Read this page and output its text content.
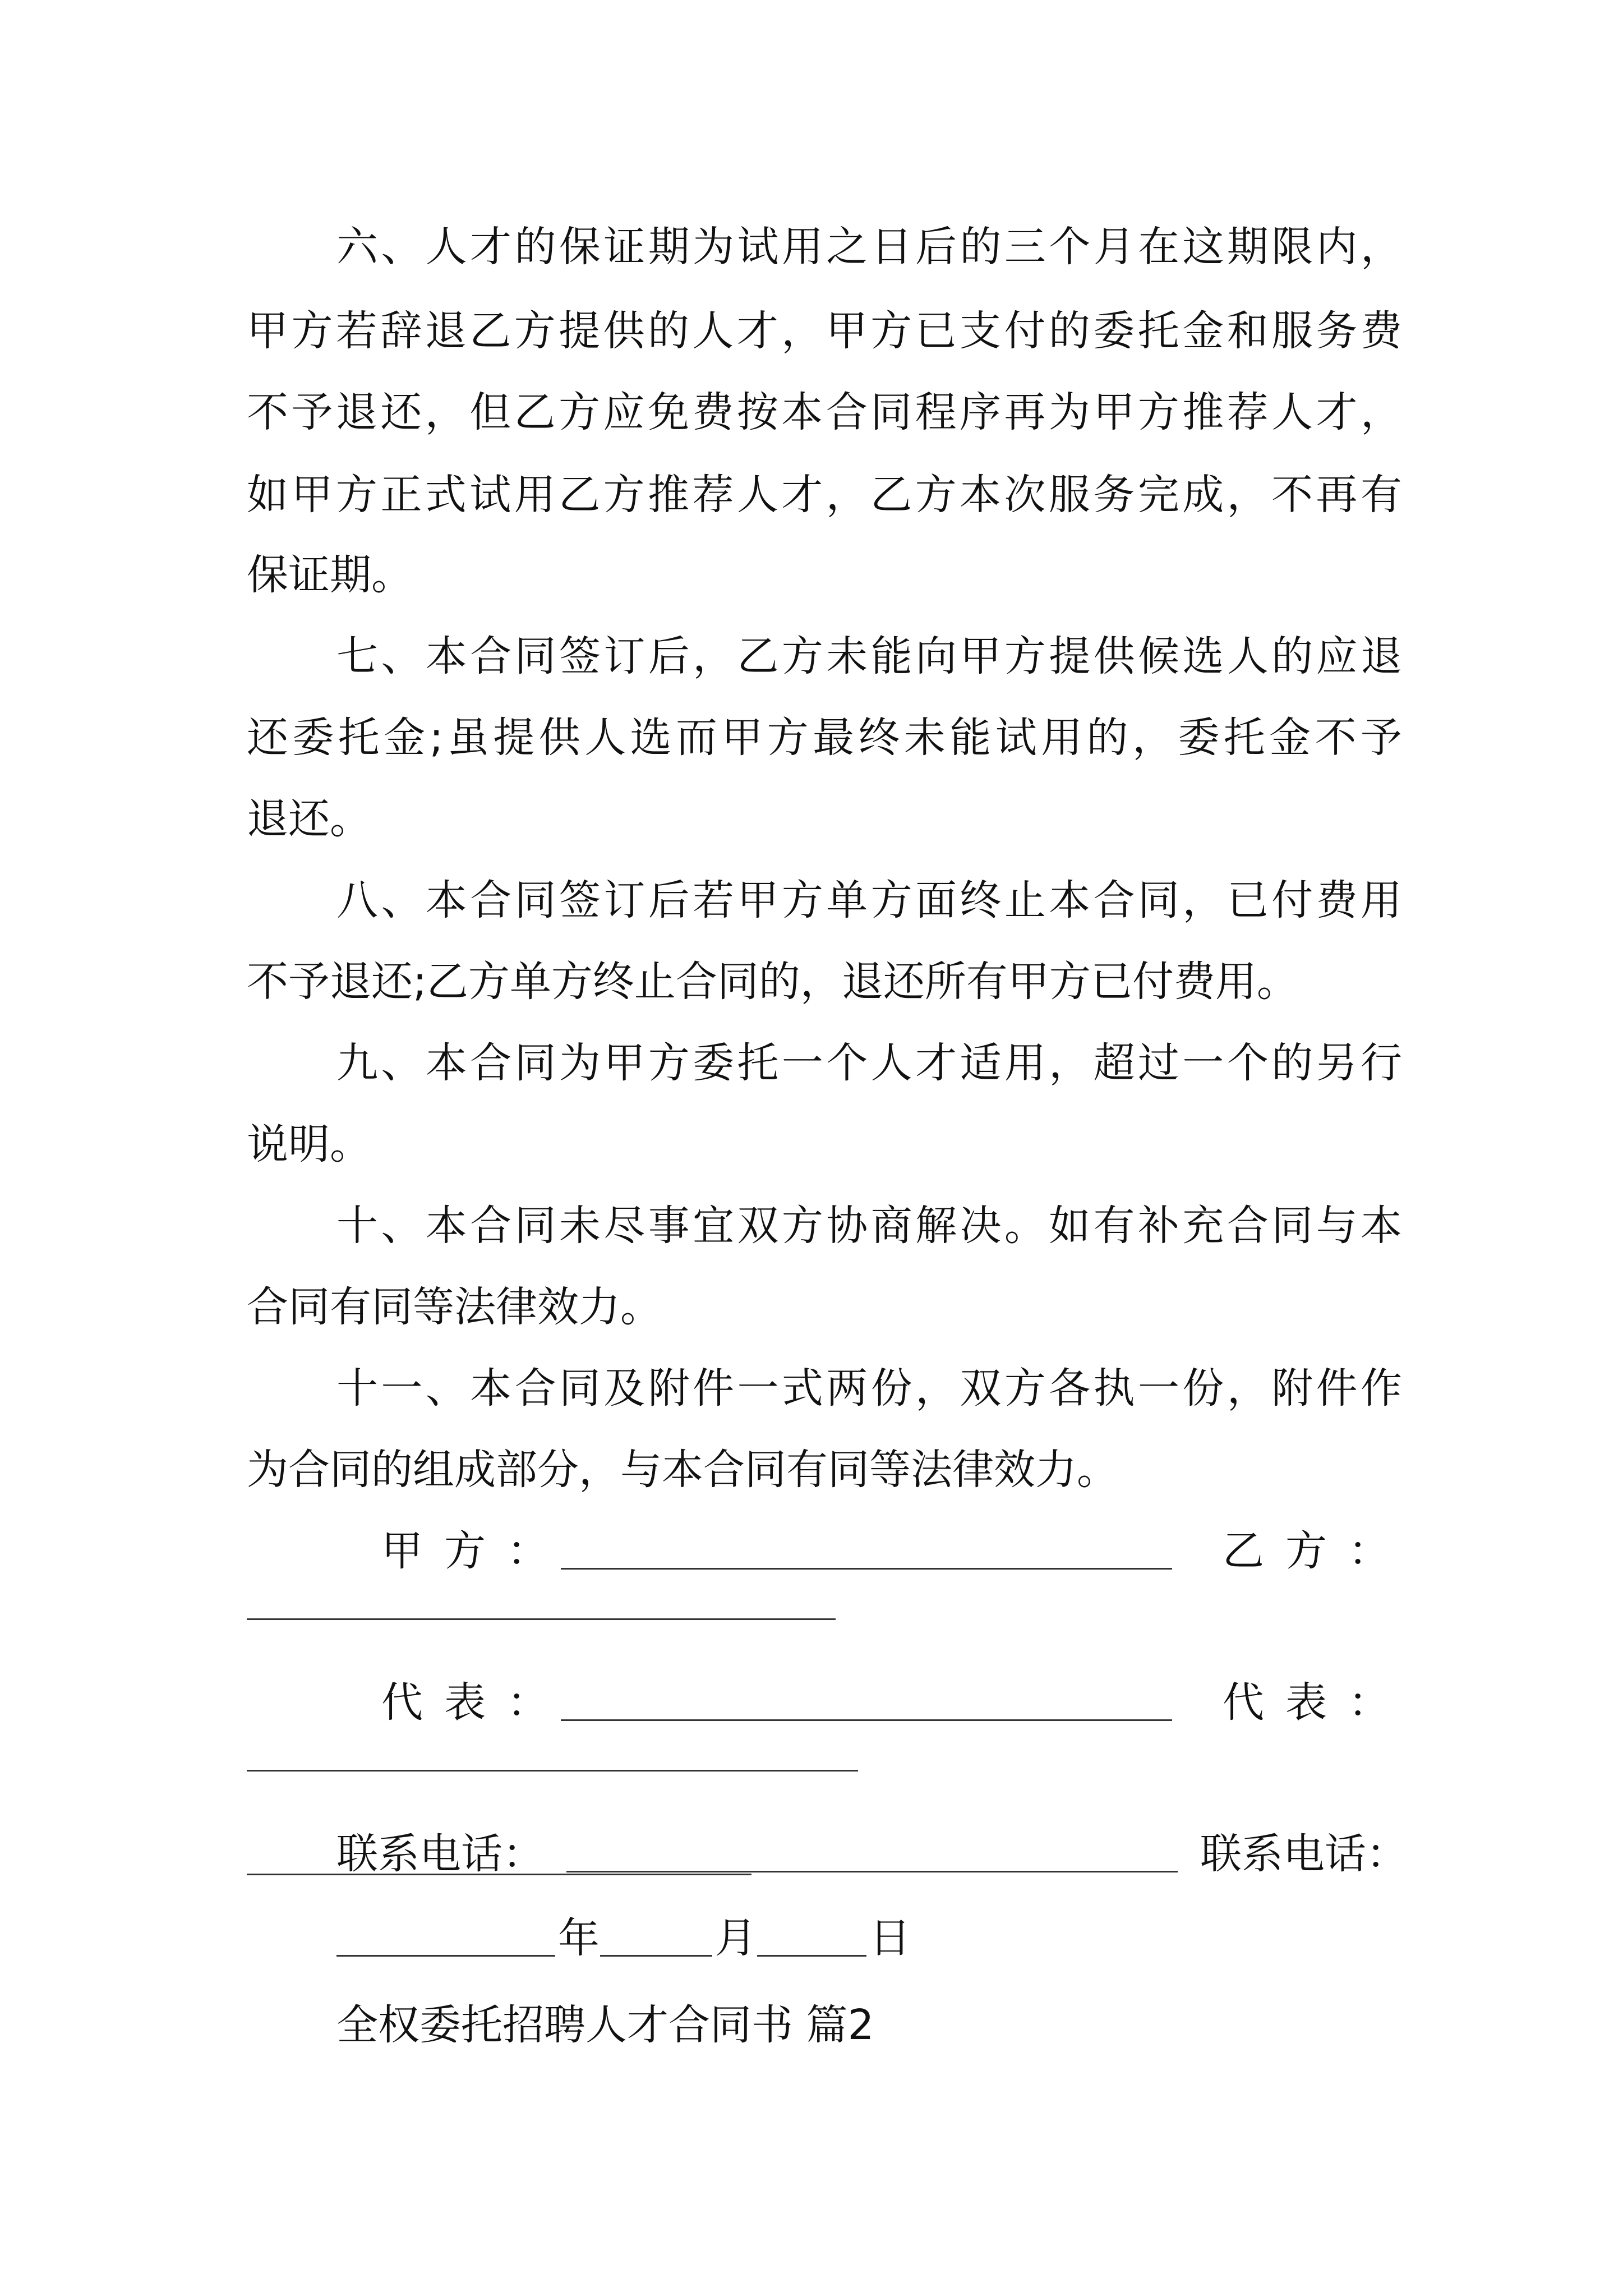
六、人才的保证期为试用之日后的三个月在这期限内，
甲方若辞退乙方提供的人才，甲方已支付的委托金和服务费
不予退还，但乙方应免费按本合同程序再为甲方推荐人才，
如甲方正式试用乙方推荐人才，乙方本次服务完成，不再有
保证期。
七、本合同签订后，乙方未能向甲方提供候选人的应退
还委托金;虽提供人选而甲方最终未能试用的，委托金不予
退还。
八、本合同签订后若甲方单方面终止本合同，已付费用
不予退还;乙方单方终止合同的，退还所有甲方已付费用。
九、本合同为甲方委托一个人才适用，超过一个的另行
说明。
十、本合同未尽事宜双方协商解决。如有补充合同与本
合同有同等法律效力。
十一、本合同及附件一式两份，双方各执一份，附件作
为合同的组成部分，与本合同有同等法律效力。
甲方：	乙方：
代表：	代表：
联系电话：	联系电话：
年	月	日
全权委托招聘人才合同书 篇2
